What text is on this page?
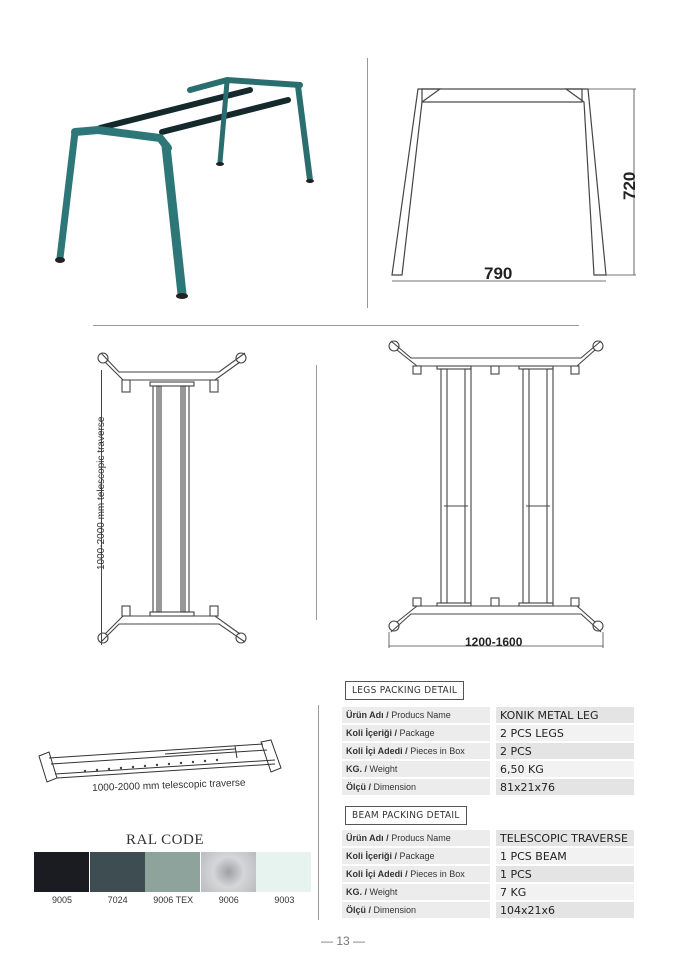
720
790
1000-2000 mm telescopic traverse
1200-1600
1000-2000 mm telescopic traverse
RAL CODE
9005	7024	9006 TEX	9006	9003
LEGS PACKING DETAIL
Ürün Adı / Producs Name		KONIK METAL LEG
Koli İçeriği / Package		2 PCS LEGS
Koli İçi Adedi / Pieces in Box		2 PCS
KG. / Weight		6,50 KG
Ölçü / Dimension		81x21x76
BEAM PACKING DETAIL
Ürün Adı / Producs Name		TELESCOPIC TRAVERSE
Koli İçeriği / Package		1 PCS BEAM
Koli İçi Adedi / Pieces in Box		1 PCS
KG. / Weight		7 KG
Ölçü / Dimension		104x21x6
— 13 —
